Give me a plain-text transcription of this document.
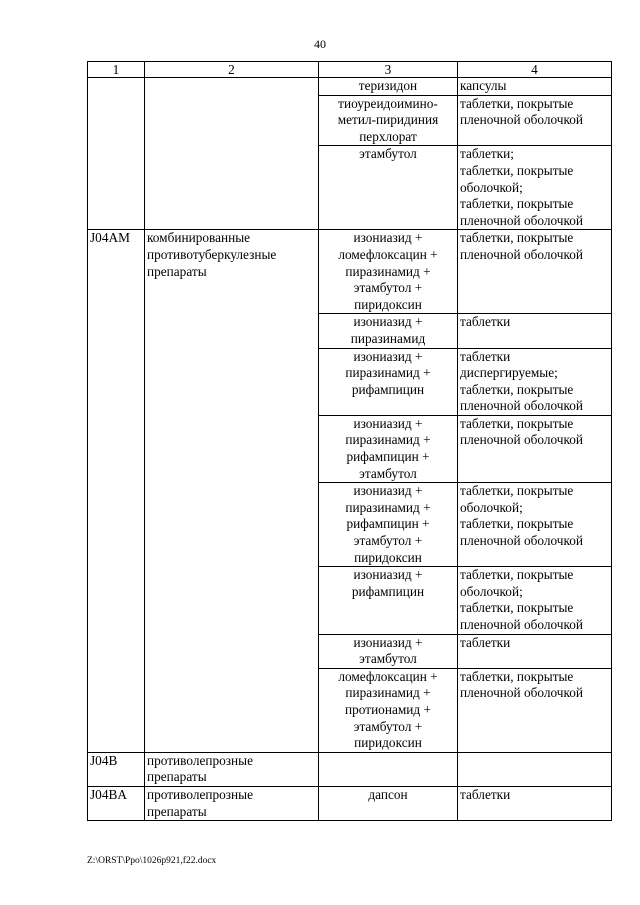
40
1	2	3	4

		теризидон	капсулы

		тиоуреидоимино-
метил-пиридиния
перхлорат	таблетки, покрытые
пленочной оболочкой

		этамбутол	таблетки;
таблетки, покрытые
оболочкой;
таблетки, покрытые
пленочной оболочкой

J04AM	комбинированные
противотуберкулезные
препараты	изониазид +
ломефлоксацин +
пиразинамид +
этамбутол +
пиридоксин	таблетки, покрытые
пленочной оболочкой

		изониазид +
пиразинамид	таблетки

		изониазид +
пиразинамид +
рифампицин	таблетки
диспергируемые;
таблетки, покрытые
пленочной оболочкой

		изониазид +
пиразинамид +
рифампицин +
этамбутол	таблетки, покрытые
пленочной оболочкой

		изониазид +
пиразинамид +
рифампицин +
этамбутол +
пиридоксин	таблетки, покрытые
оболочкой;
таблетки, покрытые
пленочной оболочкой

		изониазид +
рифампицин	таблетки, покрытые
оболочкой;
таблетки, покрытые
пленочной оболочкой

		изониазид +
этамбутол	таблетки

		ломефлоксацин +
пиразинамид +
протионамид +
этамбутол +
пиридоксин	таблетки, покрытые
пленочной оболочкой

J04B	противолепрозные
препараты		

J04BA	противолепрозные
препараты	дапсон	таблетки
Z:\ORST\Ppo\1026p921,f22.docx
